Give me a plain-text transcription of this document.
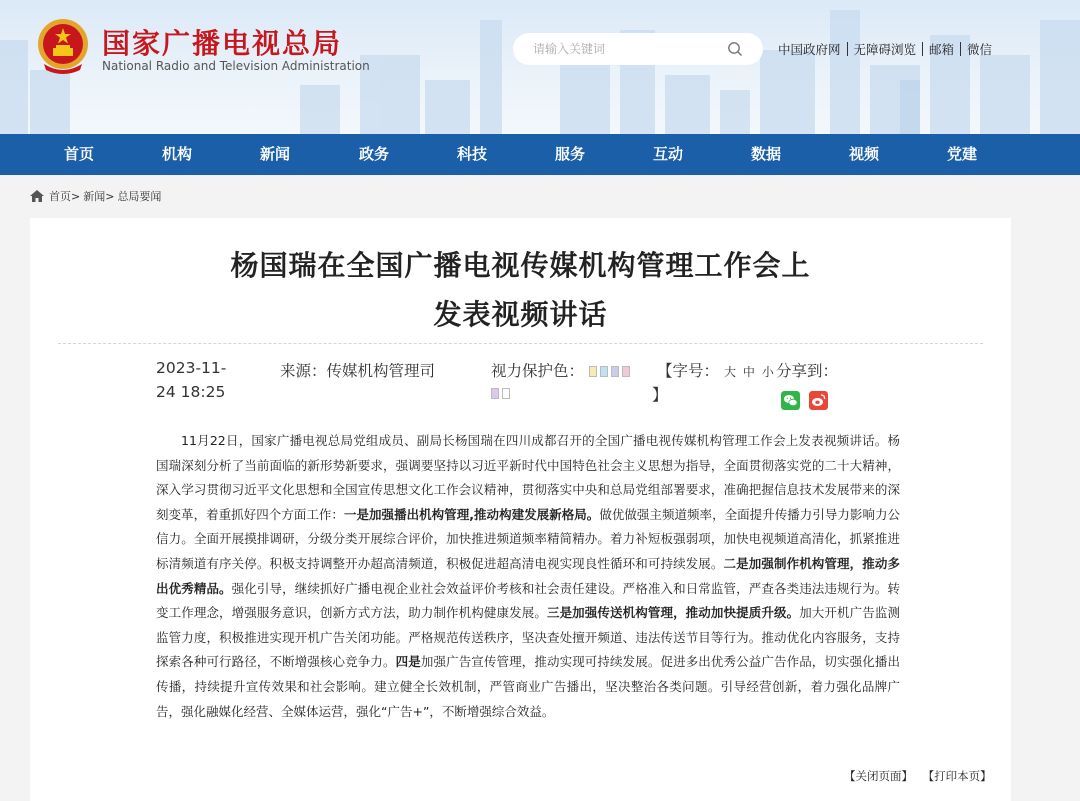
国家广播电视总局
National Radio and Television Administration
请输入关键词
中国政府网 无障碍浏览 邮箱 微信
首页	机构	新闻	政务	科技	服务	互动	数据	视频	党建
首页 > 新闻 > 总局要闻
杨国瑞在全国广播电视传媒机构管理工作会上
发表视频讲话
2023-11-
24 18:25
来源：传媒机构管理司	视力保护色：	【字号： 大 中 小
】
分享到：
  11月22日，国家广播电视总局党组成员、副局长杨国瑞在四川成都召开的全国广播电视传媒机构管理工作会上发表视频讲话。杨国瑞深刻分析了当前面临的新形势新要求，强调要坚持以习近平新时代中国特色社会主义思想为指导，全面贯彻落实党的二十大精神，深入学习贯彻习近平文化思想和全国宣传思想文化工作会议精神，贯彻落实中央和总局党组部署要求，准确把握信息技术发展带来的深刻变革，着重抓好四个方面工作：一是加强播出机构管理,推动构建发展新格局。做优做强主频道频率，全面提升传播力引导力影响力公信力。全面开展摸排调研，分级分类开展综合评价，加快推进频道频率精简精办。着力补短板强弱项，加快电视频道高清化，抓紧推进标清频道有序关停。积极支持调整开办超高清频道，积极促进超高清电视实现良性循环和可持续发展。二是加强制作机构管理，推动多出优秀精品。强化引导，继续抓好广播电视企业社会效益评价考核和社会责任建设。严格准入和日常监管，严查各类违法违规行为。转变工作理念，增强服务意识，创新方式方法，助力制作机构健康发展。三是加强传送机构管理，推动加快提质升级。加大开机广告监测监管力度，积极推进实现开机广告关闭功能。严格规范传送秩序，坚决查处擅开频道、违法传送节目等行为。推动优化内容服务，支持探索各种可行路径，不断增强核心竞争力。四是加强广告宣传管理，推动实现可持续发展。促进多出优秀公益广告作品，切实强化播出传播，持续提升宣传效果和社会影响。建立健全长效机制，严管商业广告播出，坚决整治各类问题。引导经营创新，着力强化品牌广告，强化融媒化经营、全媒体运营，强化“广告+”，不断增强综合效益。
【关闭页面】 【打印本页】
